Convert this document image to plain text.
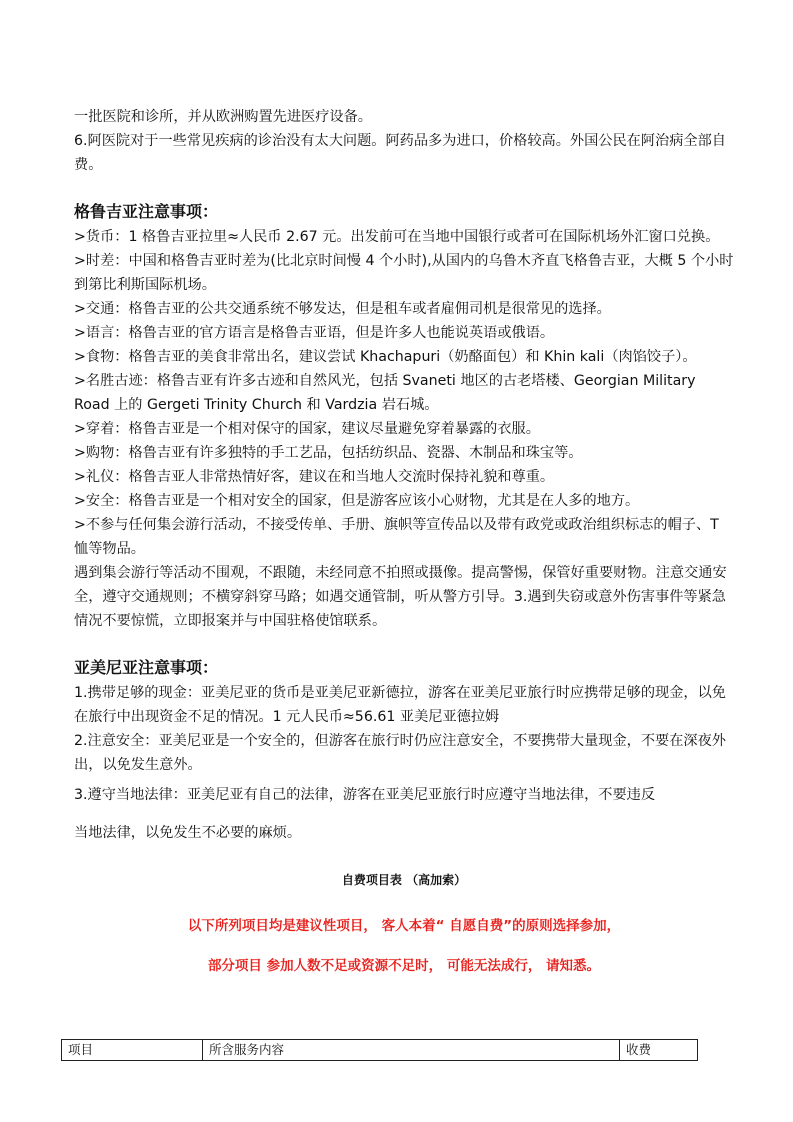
一批医院和诊所，并从欧洲购置先进医疗设备。

6.阿医院对于一些常见疾病的诊治没有太大问题。阿药品多为进口，价格较高。外国公民在阿治病全部自费。

格鲁吉亚注意事项：

>货币：1 格鲁吉亚拉里≈人民币 2.67 元。出发前可在当地中国银行或者可在国际机场外汇窗口兑换。

>时差：中国和格鲁吉亚时差为(比北京时间慢 4 个小时),从国内的乌鲁木齐直飞格鲁吉亚，大概 5 个小时到第比利斯国际机场。

>交通：格鲁吉亚的公共交通系统不够发达，但是租车或者雇佣司机是很常见的选择。

>语言：格鲁吉亚的官方语言是格鲁吉亚语，但是许多人也能说英语或俄语。

>食物：格鲁吉亚的美食非常出名，建议尝试 Khachapuri（奶酪面包）和 Khin kali（肉馅饺子）。

>名胜古迹：格鲁吉亚有许多古迹和自然风光，包括 Svaneti 地区的古老塔楼、Georgian Military Road 上的 Gergeti Trinity Church 和 Vardzia 岩石城。

>穿着：格鲁吉亚是一个相对保守的国家，建议尽量避免穿着暴露的衣服。

>购物：格鲁吉亚有许多独特的手工艺品，包括纺织品、瓷器、木制品和珠宝等。

>礼仪：格鲁吉亚人非常热情好客，建议在和当地人交流时保持礼貌和尊重。

>安全：格鲁吉亚是一个相对安全的国家，但是游客应该小心财物，尤其是在人多的地方。

>不参与任何集会游行活动，不接受传单、手册、旗帜等宣传品以及带有政党或政治组织标志的帽子、T 恤等物品。

遇到集会游行等活动不围观，不跟随，未经同意不拍照或摄像。提高警惕，保管好重要财物。注意交通安全，遵守交通规则；不横穿斜穿马路；如遇交通管制，听从警方引导。3.遇到失窃或意外伤害事件等紧急情况不要惊慌，立即报案并与中国驻格使馆联系。

亚美尼亚注意事项：

1.携带足够的现金：亚美尼亚的货币是亚美尼亚新德拉，游客在亚美尼亚旅行时应携带足够的现金，以免在旅行中出现资金不足的情况。1 元人民币≈56.61 亚美尼亚德拉姆

2.注意安全：亚美尼亚是一个安全的，但游客在旅行时仍应注意安全，不要携带大量现金，不要在深夜外出，以免发生意外。

3.遵守当地法律：亚美尼亚有自己的法律，游客在亚美尼亚旅行时应遵守当地法律，不要违反

当地法律，以免发生不必要的麻烦。

自费项目表 （高加索）

以下所列项目均是建议性项目， 客人本着“ 自愿自费”的原则选择参加，

部分项目 参加人数不足或资源不足时， 可能无法成行， 请知悉。

项目	所含服务内容	收费
